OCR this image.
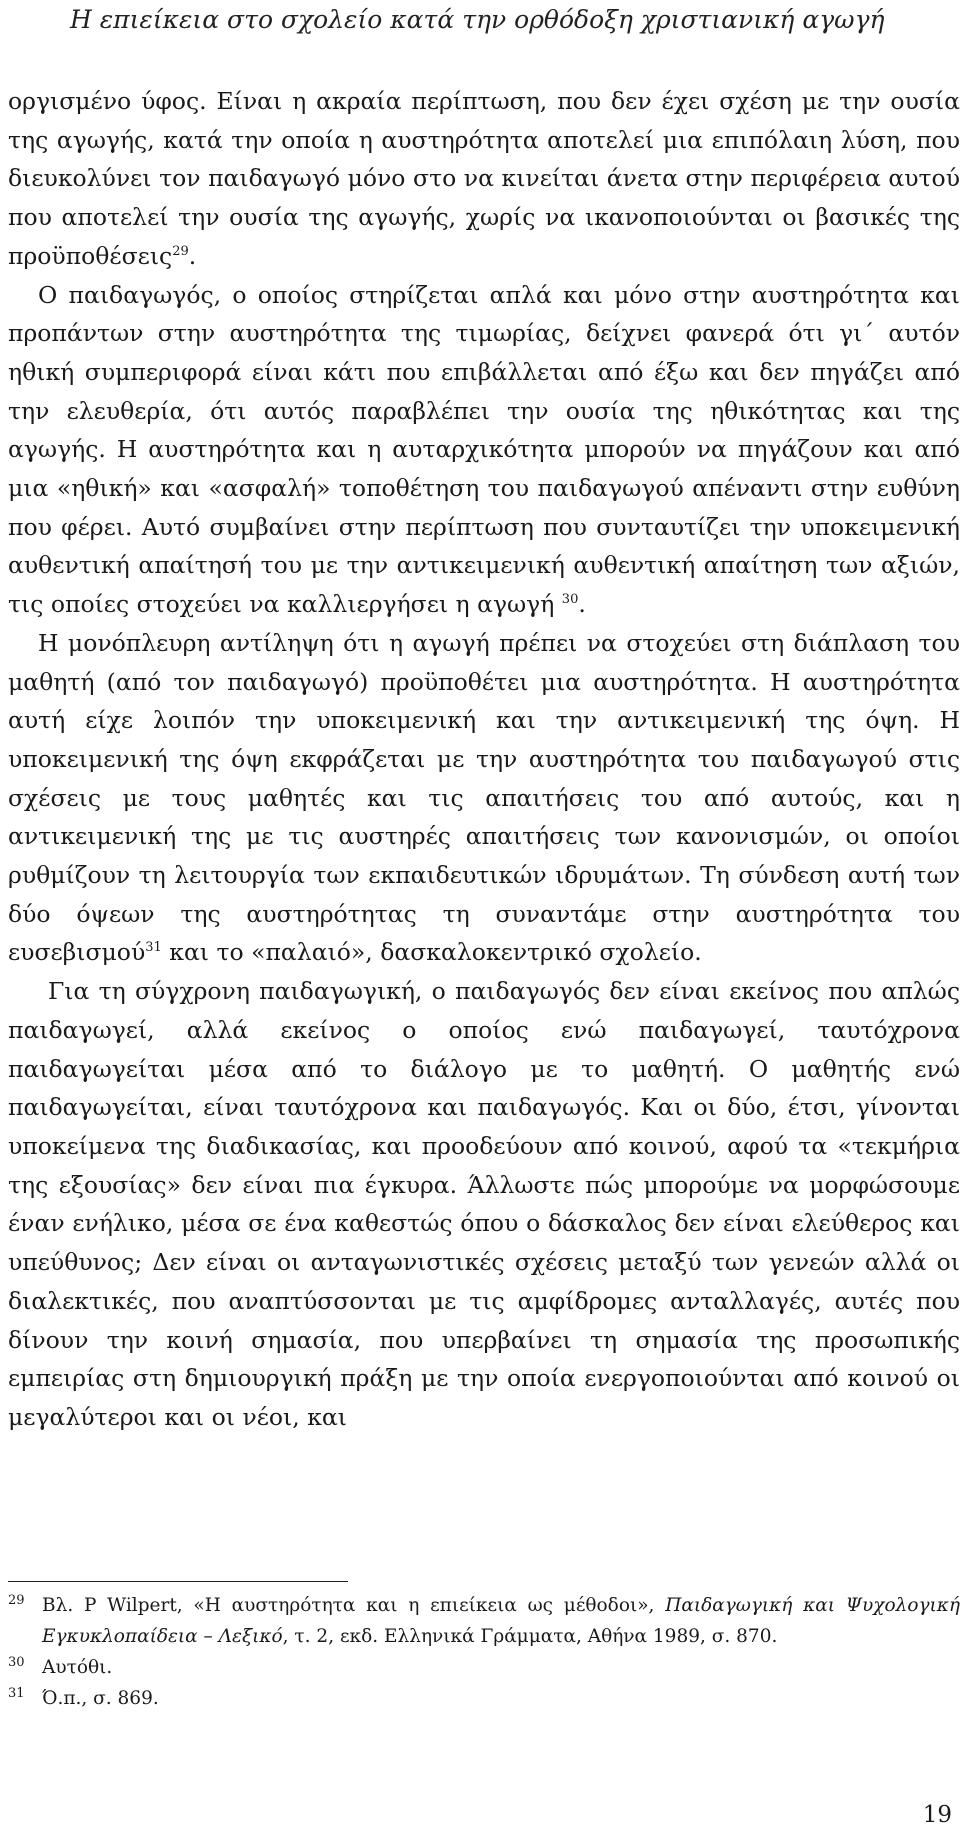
Η επιείκεια στο σχολείο κατά την ορθόδοξη χριστιανική αγωγή

οργισμένο ύφος. Είναι η ακραία περίπτωση, που δεν έχει σχέση με την ουσία της αγωγής, κατά την οποία η αυστηρότητα αποτελεί μια επιπόλαιη λύση, που διευκολύνει τον παιδαγωγό μόνο στο να κινείται άνετα στην περιφέρεια αυτού που αποτελεί την ουσία της αγωγής, χωρίς να ικανοποιούνται οι βασικές της προϋποθέσεις$^{29}$.

Ο παιδαγωγός, ο οποίος στηρίζεται απλά και μόνο στην αυστηρότητα και προπάντων στην αυστηρότητα της τιμωρίας, δείχνει φανερά ότι γι΄ αυτόν ηθική συμπεριφορά είναι κάτι που επιβάλλεται από έξω και δεν πηγάζει από την ελευθερία, ότι αυτός παραβλέπει την ουσία της ηθικότητας και της αγωγής. Η αυστηρότητα και η αυταρχικότητα μπορούν να πηγάζουν και από μια «ηθική» και «ασφαλή» τοποθέτηση του παιδαγωγού απέναντι στην ευθύνη που φέρει. Αυτό συμβαίνει στην περίπτωση που συνταυτίζει την υποκειμενική αυθεντική απαίτησή του με την αντικειμενική αυθεντική απαίτηση των αξιών, τις οποίες στοχεύει να καλλιεργήσει η αγωγή $^{30}$.

Η μονόπλευρη αντίληψη ότι η αγωγή πρέπει να στοχεύει στη διάπλαση του μαθητή (από τον παιδαγωγό) προϋποθέτει μια αυστηρότητα. Η αυστηρότητα αυτή είχε λοιπόν την υποκειμενική και την αντικειμενική της όψη. Η υποκειμενική της όψη εκφράζεται με την αυστηρότητα του παιδαγωγού στις σχέσεις με τους μαθητές και τις απαιτήσεις του από αυτούς, και η αντικειμενική της με τις αυστηρές απαιτήσεις των κανονισμών, οι οποίοι ρυθμίζουν τη λειτουργία των εκπαιδευτικών ιδρυμάτων. Τη σύνδεση αυτή των δύο όψεων της αυστηρότητας τη συναντάμε στην αυστηρότητα του ευσεβισμού$^{31}$ και το «παλαιό», δασκαλοκεντρικό σχολείο.

Για τη σύγχρονη παιδαγωγική, ο παιδαγωγός δεν είναι εκείνος που απλώς παιδαγωγεί, αλλά εκείνος ο οποίος ενώ παιδαγωγεί, ταυτόχρονα παιδαγωγείται μέσα από το διάλογο με το μαθητή. Ο μαθητής ενώ παιδαγωγείται, είναι ταυτόχρονα και παιδαγωγός. Και οι δύο, έτσι, γίνονται υποκείμενα της διαδικασίας, και προοδεύουν από κοινού, αφού τα «τεκμήρια της εξουσίας» δεν είναι πια έγκυρα. Άλλωστε πώς μπορούμε να μορφώσουμε έναν ενήλικο, μέσα σε ένα καθεστώς όπου ο δάσκαλος δεν είναι ελεύθερος και υπεύθυνος; Δεν είναι οι ανταγωνιστικές σχέσεις μεταξύ των γενεών αλλά οι διαλεκτικές, που αναπτύσσονται με τις αμφίδρομες ανταλλαγές, αυτές που δίνουν την κοινή σημασία, που υπερβαίνει τη σημασία της προσωπικής εμπειρίας στη δημιουργική πράξη με την οποία ενεργοποιούνται από κοινού οι μεγαλύτεροι και οι νέοι, και

29 Βλ. P Wilpert, «Η αυστηρότητα και η επιείκεια ως μέθοδοι», Παιδαγωγική και Ψυχολογική Εγκυκλοπαίδεια – Λεξικό, τ. 2, εκδ. Ελληνικά Γράμματα, Αθήνα 1989, σ. 870.
30 Αυτόθι.
31 Ό.π., σ. 869.
19
